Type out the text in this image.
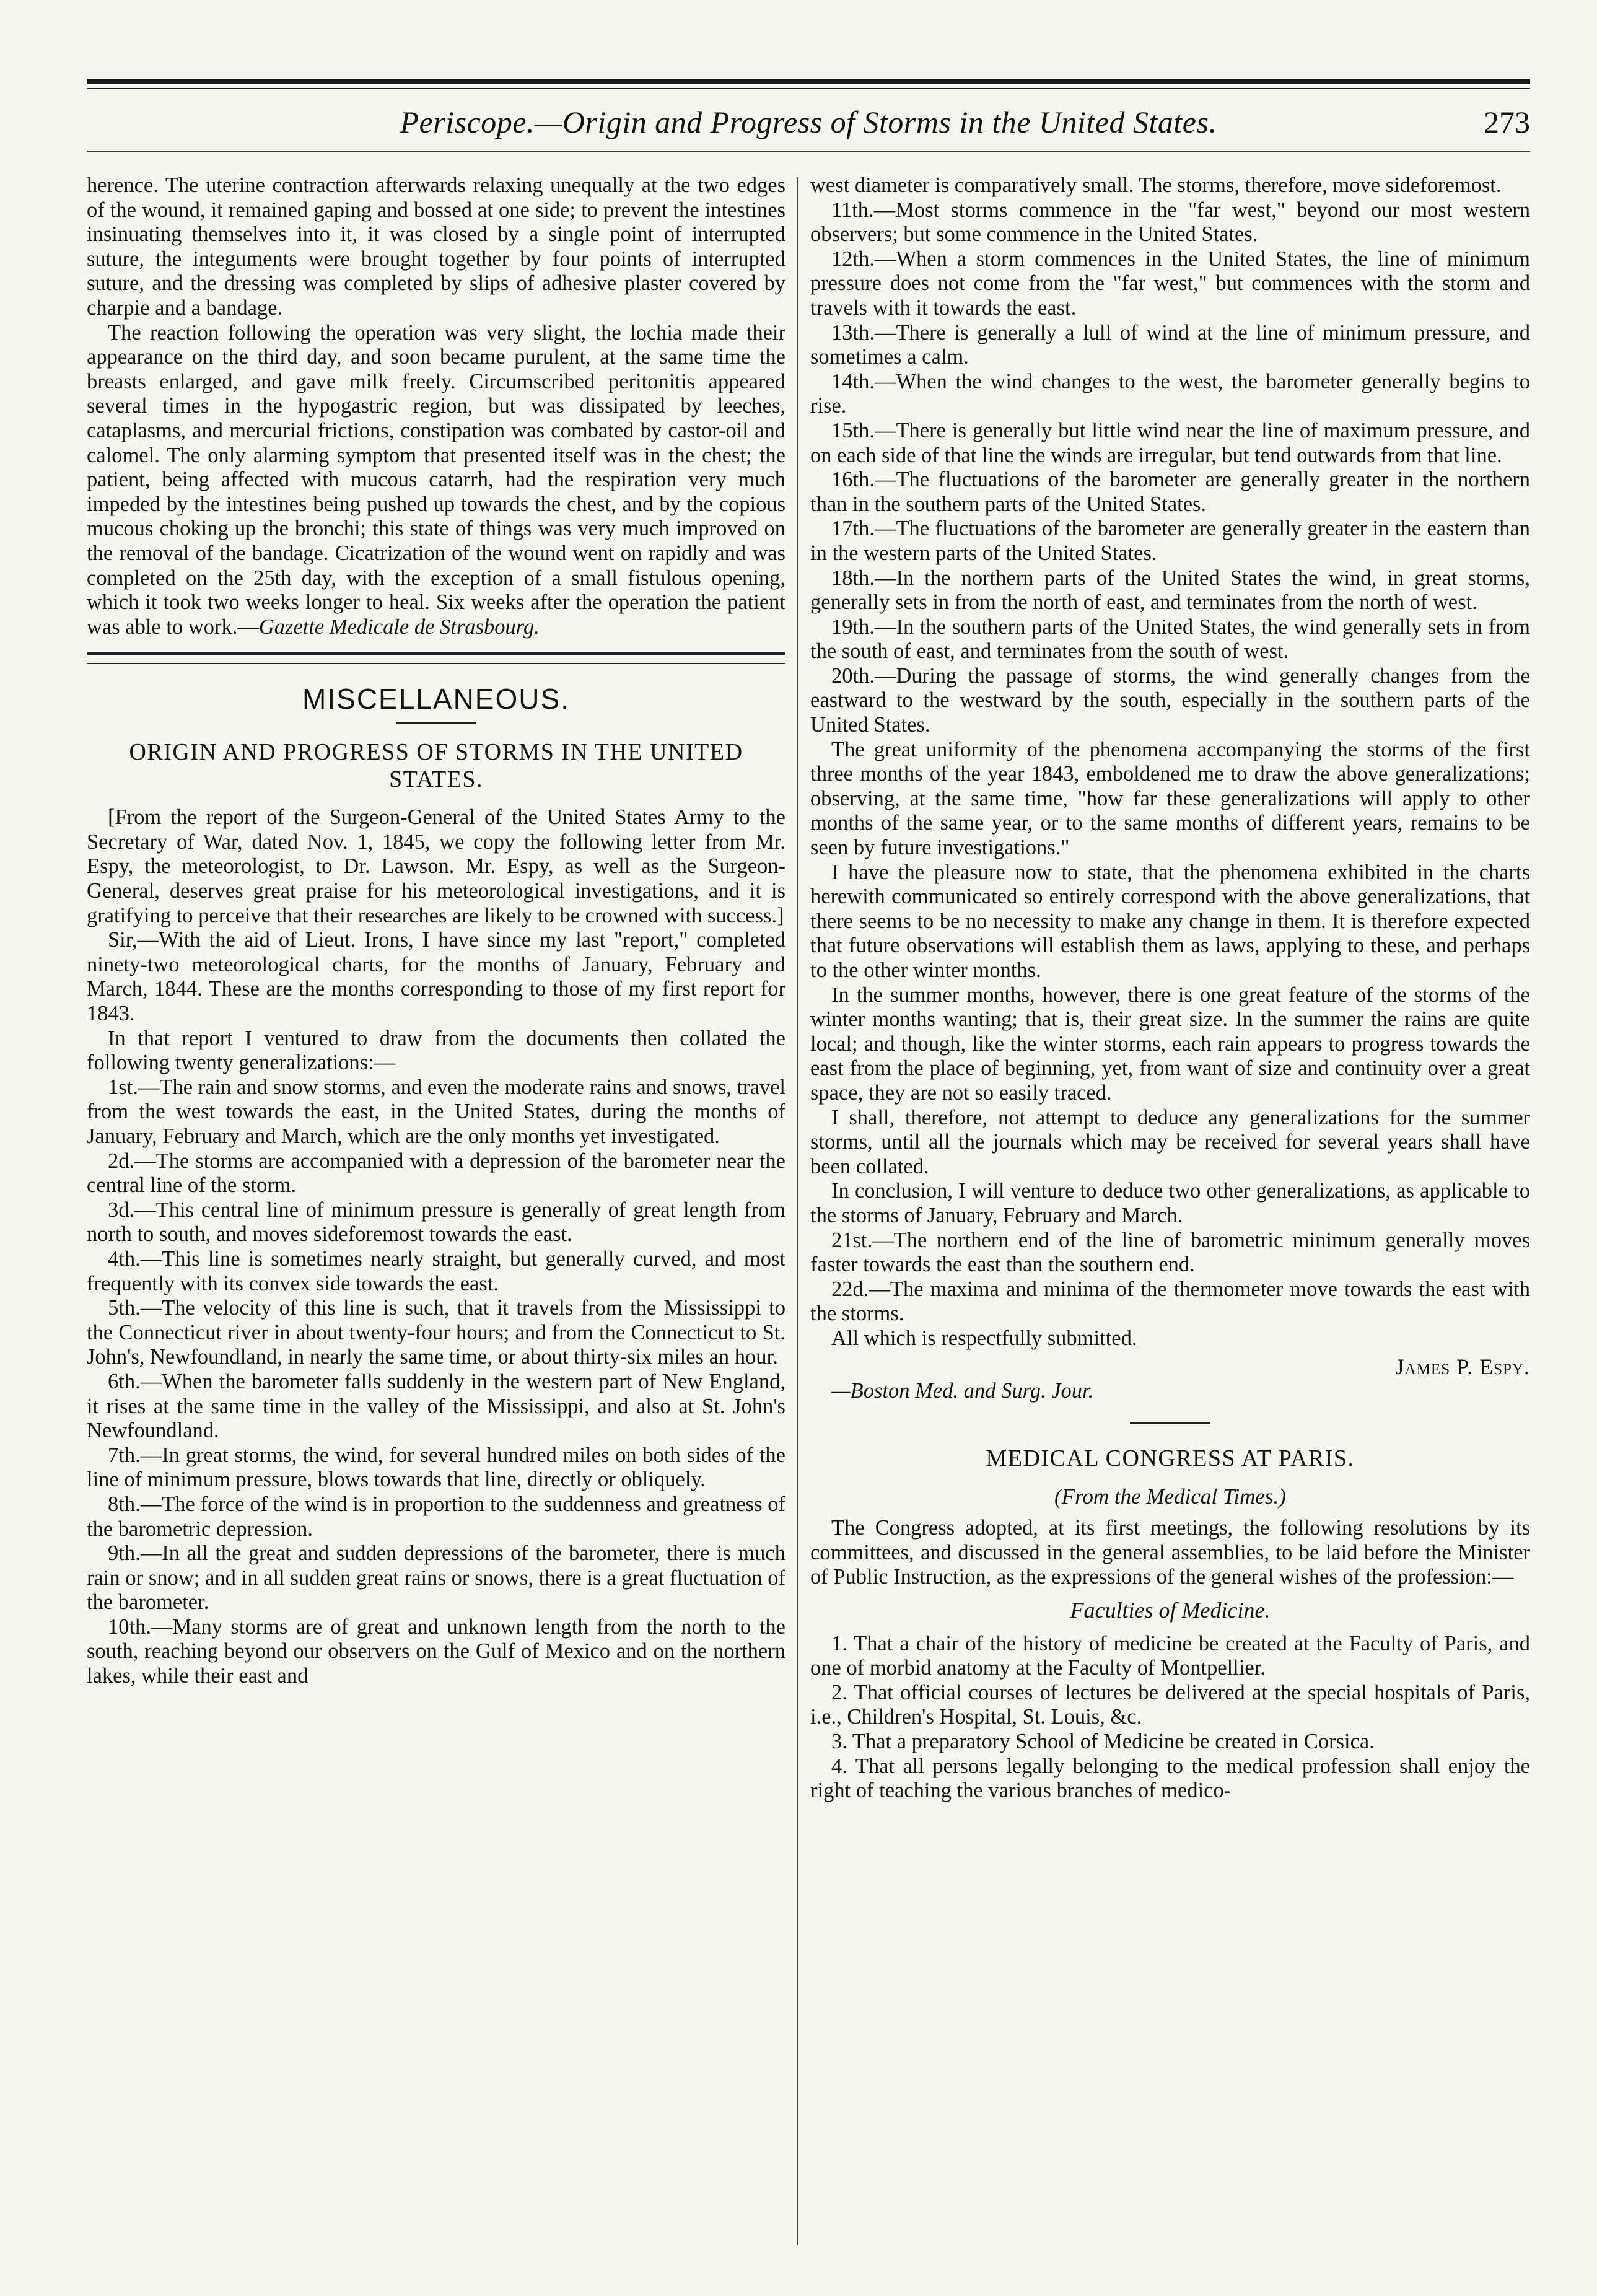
Periscope.—Origin and Progress of Storms in the United States.	273

herence. The uterine contraction afterwards relaxing unequally at the two edges of the wound, it remained gaping and bossed at one side; to prevent the intestines insinuating themselves into it, it was closed by a single point of interrupted suture, the integuments were brought together by four points of interrupted suture, and the dressing was completed by slips of adhesive plaster covered by charpie and a bandage.

The reaction following the operation was very slight, the lochia made their appearance on the third day, and soon became purulent, at the same time the breasts enlarged, and gave milk freely. Circumscribed peritonitis appeared several times in the hypogastric region, but was dissipated by leeches, cataplasms, and mercurial frictions, constipation was combated by castor-oil and calomel. The only alarming symptom that presented itself was in the chest; the patient, being affected with mucous catarrh, had the respiration very much impeded by the intestines being pushed up towards the chest, and by the copious mucous choking up the bronchi; this state of things was very much improved on the removal of the bandage. Cicatrization of the wound went on rapidly and was completed on the 25th day, with the exception of a small fistulous opening, which it took two weeks longer to heal. Six weeks after the operation the patient was able to work.—Gazette Medicale de Strasbourg.

MISCELLANEOUS.
ORIGIN AND PROGRESS OF STORMS IN THE UNITED STATES.

[From the report of the Surgeon-General of the United States Army to the Secretary of War, dated Nov. 1, 1845, we copy the following letter from Mr. Espy, the meteorologist, to Dr. Lawson. Mr. Espy, as well as the Surgeon-General, deserves great praise for his meteorological investigations, and it is gratifying to perceive that their researches are likely to be crowned with success.]

Sir,—With the aid of Lieut. Irons, I have since my last "report," completed ninety-two meteorological charts, for the months of January, February and March, 1844. These are the months corresponding to those of my first report for 1843.

In that report I ventured to draw from the documents then collated the following twenty generalizations:—

1st.—The rain and snow storms, and even the moderate rains and snows, travel from the west towards the east, in the United States, during the months of January, February and March, which are the only months yet investigated.

2d.—The storms are accompanied with a depression of the barometer near the central line of the storm.

3d.—This central line of minimum pressure is generally of great length from north to south, and moves sideforemost towards the east.

4th.—This line is sometimes nearly straight, but generally curved, and most frequently with its convex side towards the east.

5th.—The velocity of this line is such, that it travels from the Mississippi to the Connecticut river in about twenty-four hours; and from the Connecticut to St. John's, Newfoundland, in nearly the same time, or about thirty-six miles an hour.

6th.—When the barometer falls suddenly in the western part of New England, it rises at the same time in the valley of the Mississippi, and also at St. John's Newfoundland.

7th.—In great storms, the wind, for several hundred miles on both sides of the line of minimum pressure, blows towards that line, directly or obliquely.

8th.—The force of the wind is in proportion to the suddenness and greatness of the barometric depression.

9th.—In all the great and sudden depressions of the barometer, there is much rain or snow; and in all sudden great rains or snows, there is a great fluctuation of the barometer.

10th.—Many storms are of great and unknown length from the north to the south, reaching beyond our observers on the Gulf of Mexico and on the northern lakes, while their east and

west diameter is comparatively small. The storms, therefore, move sideforemost.

11th.—Most storms commence in the "far west," beyond our most western observers; but some commence in the United States.

12th.—When a storm commences in the United States, the line of minimum pressure does not come from the "far west," but commences with the storm and travels with it towards the east.

13th.—There is generally a lull of wind at the line of minimum pressure, and sometimes a calm.

14th.—When the wind changes to the west, the barometer generally begins to rise.

15th.—There is generally but little wind near the line of maximum pressure, and on each side of that line the winds are irregular, but tend outwards from that line.

16th.—The fluctuations of the barometer are generally greater in the northern than in the southern parts of the United States.

17th.—The fluctuations of the barometer are generally greater in the eastern than in the western parts of the United States.

18th.—In the northern parts of the United States the wind, in great storms, generally sets in from the north of east, and terminates from the north of west.

19th.—In the southern parts of the United States, the wind generally sets in from the south of east, and terminates from the south of west.

20th.—During the passage of storms, the wind generally changes from the eastward to the westward by the south, especially in the southern parts of the United States.

The great uniformity of the phenomena accompanying the storms of the first three months of the year 1843, emboldened me to draw the above generalizations; observing, at the same time, "how far these generalizations will apply to other months of the same year, or to the same months of different years, remains to be seen by future investigations."

I have the pleasure now to state, that the phenomena exhibited in the charts herewith communicated so entirely correspond with the above generalizations, that there seems to be no necessity to make any change in them. It is therefore expected that future observations will establish them as laws, applying to these, and perhaps to the other winter months.

In the summer months, however, there is one great feature of the storms of the winter months wanting; that is, their great size. In the summer the rains are quite local; and though, like the winter storms, each rain appears to progress towards the east from the place of beginning, yet, from want of size and continuity over a great space, they are not so easily traced.

I shall, therefore, not attempt to deduce any generalizations for the summer storms, until all the journals which may be received for several years shall have been collated.

In conclusion, I will venture to deduce two other generalizations, as applicable to the storms of January, February and March.

21st.—The northern end of the line of barometric minimum generally moves faster towards the east than the southern end.

22d.—The maxima and minima of the thermometer move towards the east with the storms.

All which is respectfully submitted.

James P. Espy.

—Boston Med. and Surg. Jour.

MEDICAL CONGRESS AT PARIS.
(From the Medical Times.)

The Congress adopted, at its first meetings, the following resolutions by its committees, and discussed in the general assemblies, to be laid before the Minister of Public Instruction, as the expressions of the general wishes of the profession:—

Faculties of Medicine.

1. That a chair of the history of medicine be created at the Faculty of Paris, and one of morbid anatomy at the Faculty of Montpellier.

2. That official courses of lectures be delivered at the special hospitals of Paris, i.e., Children's Hospital, St. Louis, &c.

3. That a preparatory School of Medicine be created in Corsica.

4. That all persons legally belonging to the medical profession shall enjoy the right of teaching the various branches of medico-
